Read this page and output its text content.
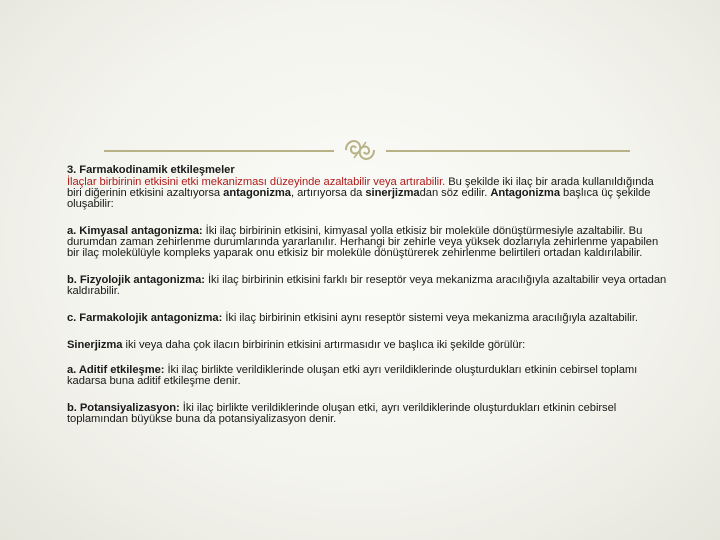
3. Farmakodinamik etkileşmeler

İlaçlar birbirinin etkisini etki mekanizması düzeyinde azaltabilir veya artırabilir. Bu şekilde iki ilaç bir arada kullanıldığında biri diğerinin etkisini azaltıyorsa antagonizma, artırıyorsa da sinerjizmadan söz edilir. Antagonizma başlıca üç şekilde oluşabilir:

a. Kimyasal antagonizma: İki ilaç birbirinin etkisini, kimyasal yolla etkisiz bir moleküle dönüştürmesiyle azaltabilir. Bu durumdan zaman zehirlenme durumlarında yararlanılır. Herhangi bir zehirle veya yüksek dozlarıyla zehirlenme yapabilen bir ilaç molekülüyle kompleks yaparak onu etkisiz bir moleküle dönüştürerek zehirlenme belirtileri ortadan kaldırılabilir.

b. Fizyolojik antagonizma: İki ilaç birbirinin etkisini farklı bir reseptör veya mekanizma aracılığıyla azaltabilir veya ortadan kaldırabilir.

c. Farmakolojik antagonizma: İki ilaç birbirinin etkisini aynı reseptör sistemi veya mekanizma aracılığıyla azaltabilir.

Sinerjizma iki veya daha çok ilacın birbirinin etkisini artırmasıdır ve başlıca iki şekilde görülür:

a. Aditif etkileşme: İki ilaç birlikte verildiklerinde oluşan etki ayrı verildiklerinde oluşturdukları etkinin cebirsel toplamı kadarsa buna aditif etkileşme denir.

b. Potansiyalizasyon: İki ilaç birlikte verildiklerinde oluşan etki, ayrı verildiklerinde oluşturdukları etkinin cebirsel toplamından büyükse buna da potansiyalizasyon denir.
